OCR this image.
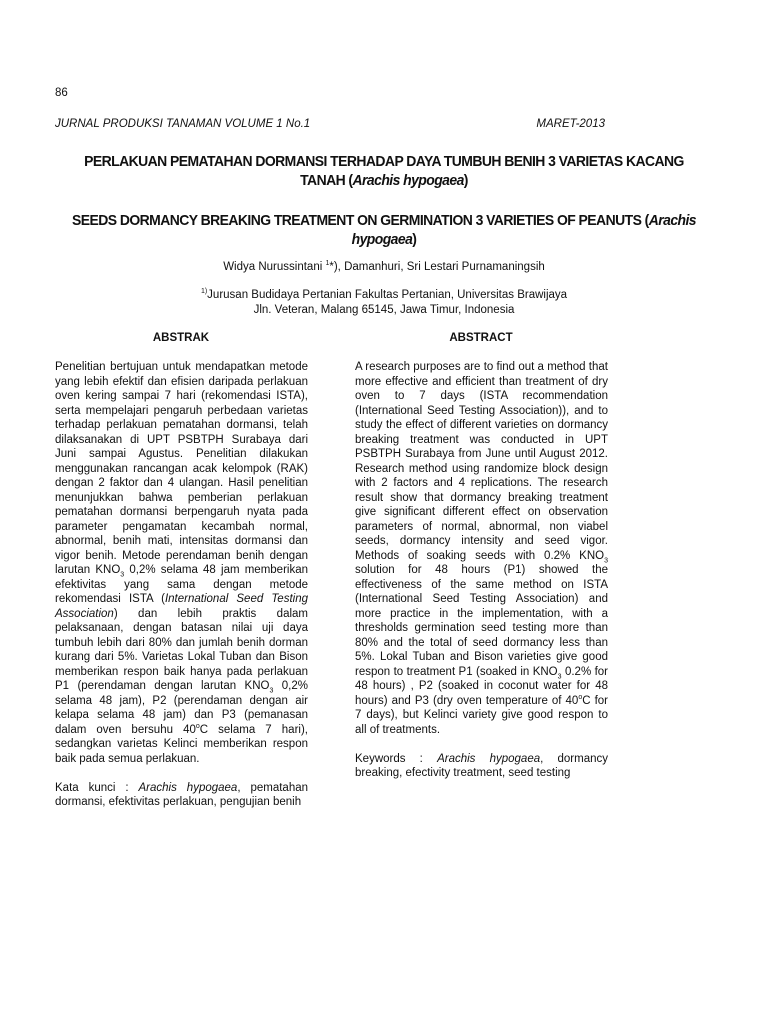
86
JURNAL PRODUKSI TANAMAN VOLUME 1 No.1	MARET-2013
PERLAKUAN PEMATAHAN DORMANSI TERHADAP DAYA TUMBUH BENIH 3 VARIETAS KACANG TANAH (Arachis hypogaea)
SEEDS DORMANCY BREAKING TREATMENT ON GERMINATION 3 VARIETIES OF PEANUTS (Arachis hypogaea)
Widya Nurussintani $^1$*), Damanhuri, Sri Lestari Purnamaningsih
$^{1)}$Jurusan Budidaya Pertanian Fakultas Pertanian, Universitas Brawijaya
Jln. Veteran, Malang 65145, Jawa Timur, Indonesia
ABSTRAK	ABSTRACT

Penelitian bertujuan untuk mendapatkan metode yang lebih efektif dan efisien daripada perlakuan oven kering sampai 7 hari (rekomendasi ISTA), serta mempelajari pengaruh perbedaan varietas terhadap perlakuan pematahan dormansi, telah dilaksanakan di UPT PSBTPH Surabaya dari Juni sampai Agustus. Penelitian dilakukan menggunakan rancangan acak kelompok (RAK) dengan 2 faktor dan 4 ulangan. Hasil penelitian menunjukkan bahwa pemberian perlakuan pematahan dormansi berpengaruh nyata pada parameter pengamatan kecambah normal, abnormal, benih mati, intensitas dormansi dan vigor benih. Metode perendaman benih dengan larutan $KNO_3$ 0,2% selama 48 jam memberikan efektivitas yang sama dengan metode rekomendasi ISTA (International Seed Testing Association) dan lebih praktis dalam pelaksanaan, dengan batasan nilai uji daya tumbuh lebih dari 80% dan jumlah benih dorman kurang dari 5%. Varietas Lokal Tuban dan Bison memberikan respon baik hanya pada perlakuan P1 (perendaman dengan larutan $KNO_3$ 0,2% selama 48 jam), P2 (perendaman dengan air kelapa selama 48 jam) dan P3 (pemanasan dalam oven bersuhu 40$^o$C selama 7 hari), sedangkan varietas Kelinci memberikan respon baik pada semua perlakuan.

Kata kunci : Arachis hypogaea, pematahan dormansi, efektivitas perlakuan, pengujian benih

A research purposes are to find out a method that more effective and efficient than treatment of dry oven to 7 days (ISTA recommendation (International Seed Testing Association)), and to study the effect of different varieties on dormancy breaking treatment was conducted in UPT PSBTPH Surabaya from June until August 2012. Research method using randomize block design with 2 factors and 4 replications. The research result show that dormancy breaking treatment give significant different effect on observation parameters of normal, abnormal, non viabel seeds, dormancy intensity and seed vigor. Methods of soaking seeds with 0.2% $KNO_3$ solution for 48 hours (P1) showed the effectiveness of the same method on ISTA (International Seed Testing Association) and more practice in the implementation, with a thresholds germination seed testing more than 80% and the total of seed dormancy less than 5%. Lokal Tuban and Bison varieties give good respon to treatment P1 (soaked in $KNO_3$ 0.2% for 48 hours) , P2 (soaked in coconut water for 48 hours) and P3 (dry oven temperature of 40$^o$C for 7 days), but Kelinci variety give good respon to all of treatments.

Keywords : Arachis hypogaea, dormancy breaking, efectivity treatment, seed testing
